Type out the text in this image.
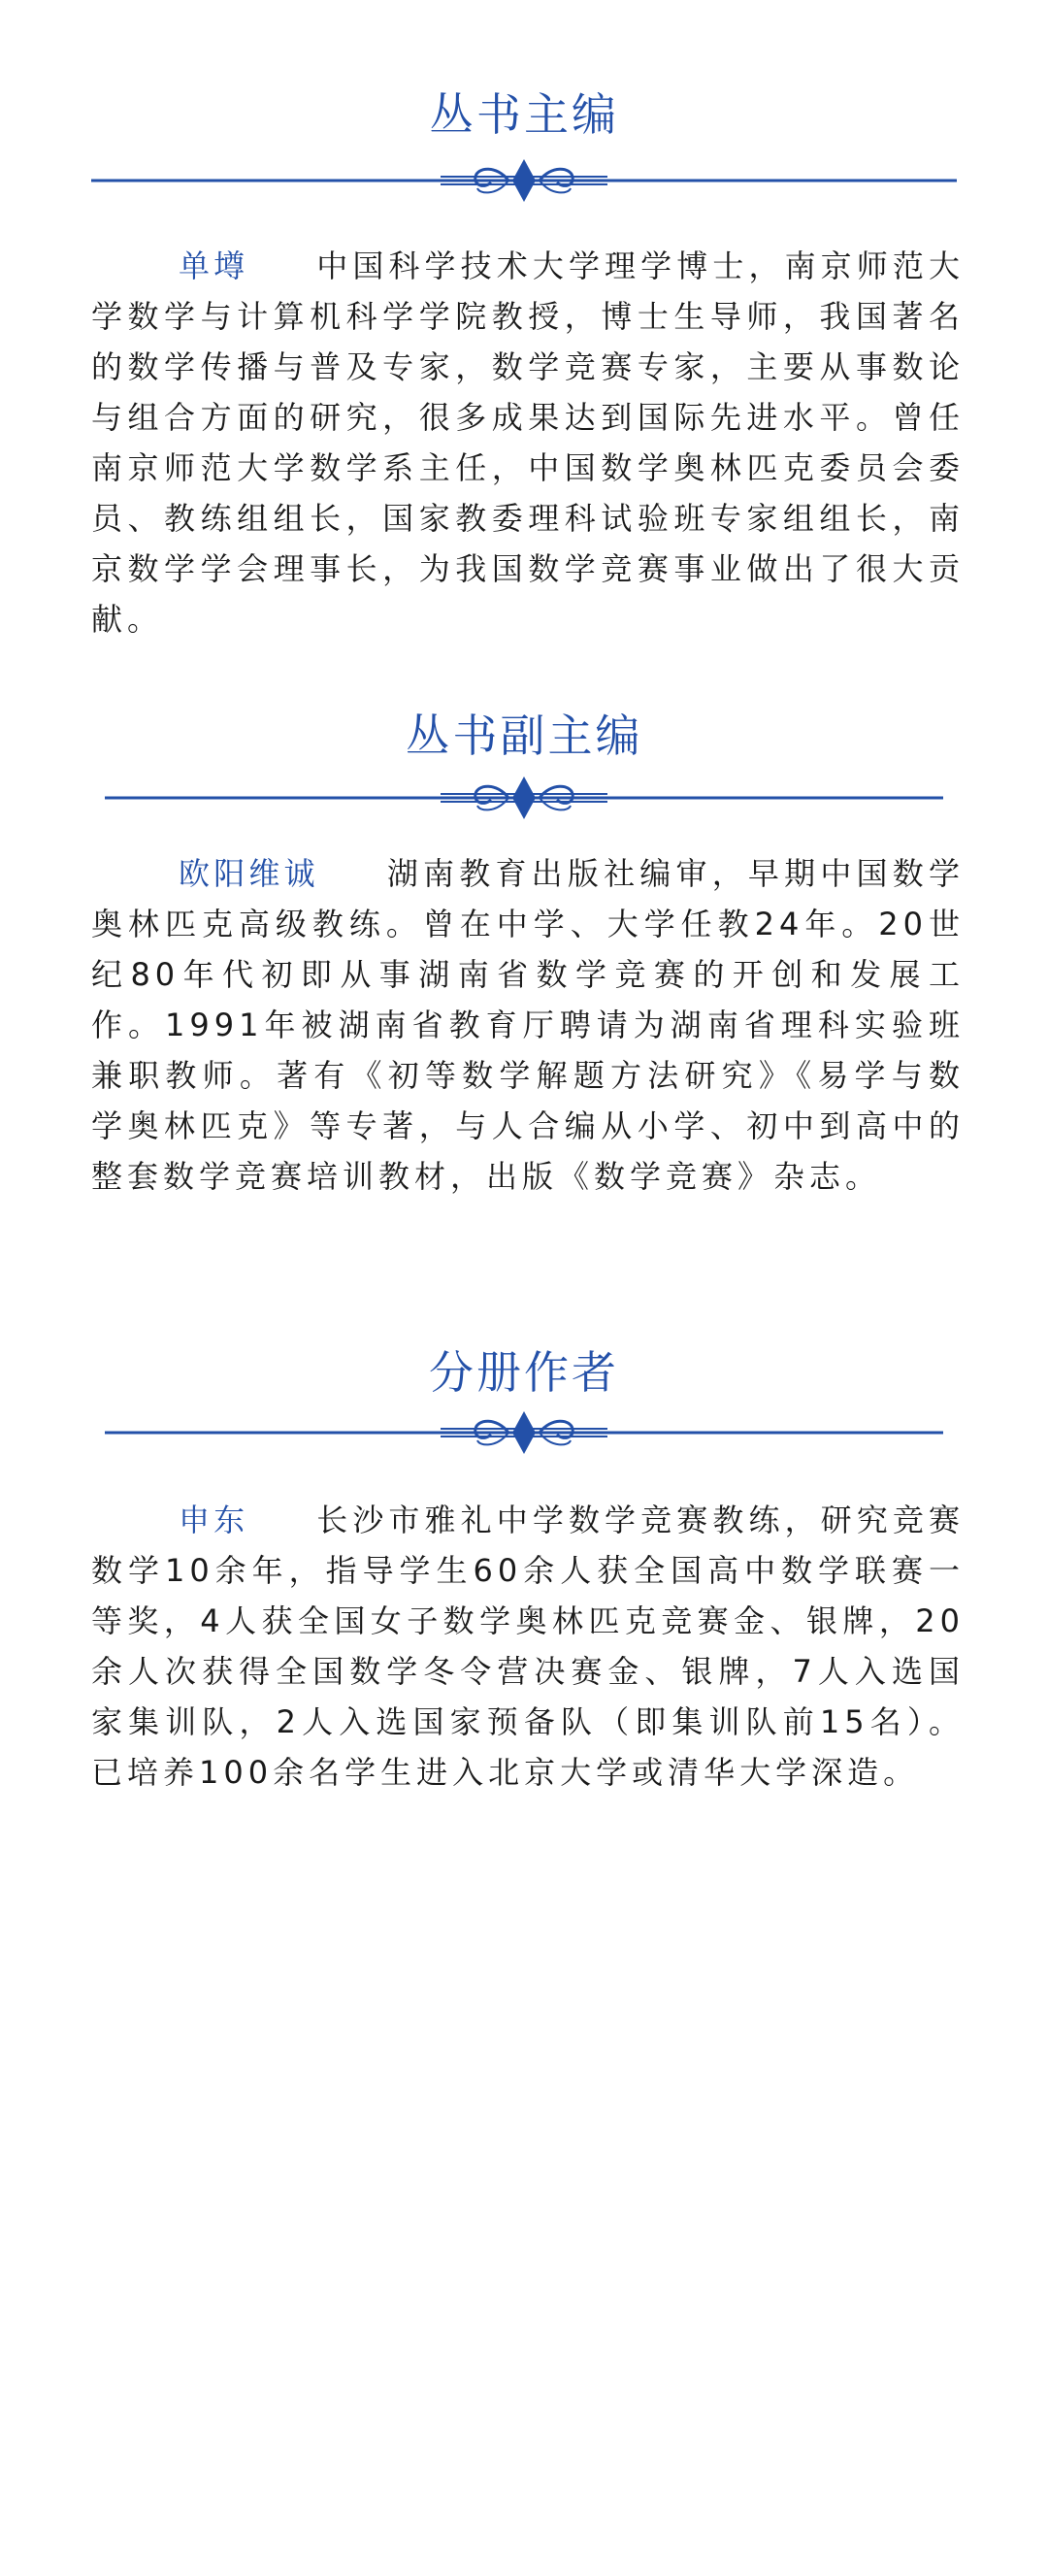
丛书主编

单墫 中国科学技术大学理学博士，南京师范大学数学与计算机科学学院教授，博士生导师，我国著名的数学传播与普及专家，数学竞赛专家，主要从事数论与组合方面的研究，很多成果达到国际先进水平。曾任南京师范大学数学系主任，中国数学奥林匹克委员会委员、教练组组长，国家教委理科试验班专家组组长，南京数学学会理事长，为我国数学竞赛事业做出了很大贡献。

丛书副主编

欧阳维诚 湖南教育出版社编审，早期中国数学奥林匹克高级教练。曾在中学、大学任教24年。20世纪80年代初即从事湖南省数学竞赛的开创和发展工作。1991年被湖南省教育厅聘请为湖南省理科实验班兼职教师。著有《初等数学解题方法研究》《易学与数学奥林匹克》等专著，与人合编从小学、初中到高中的整套数学竞赛培训教材，出版《数学竞赛》杂志。

分册作者

申东 长沙市雅礼中学数学竞赛教练，研究竞赛数学10余年，指导学生60余人获全国高中数学联赛一等奖，4人获全国女子数学奥林匹克竞赛金、银牌，20余人次获得全国数学冬令营决赛金、银牌，7人入选国家集训队，2人入选国家预备队（即集训队前15名）。已培养100余名学生进入北京大学或清华大学深造。
